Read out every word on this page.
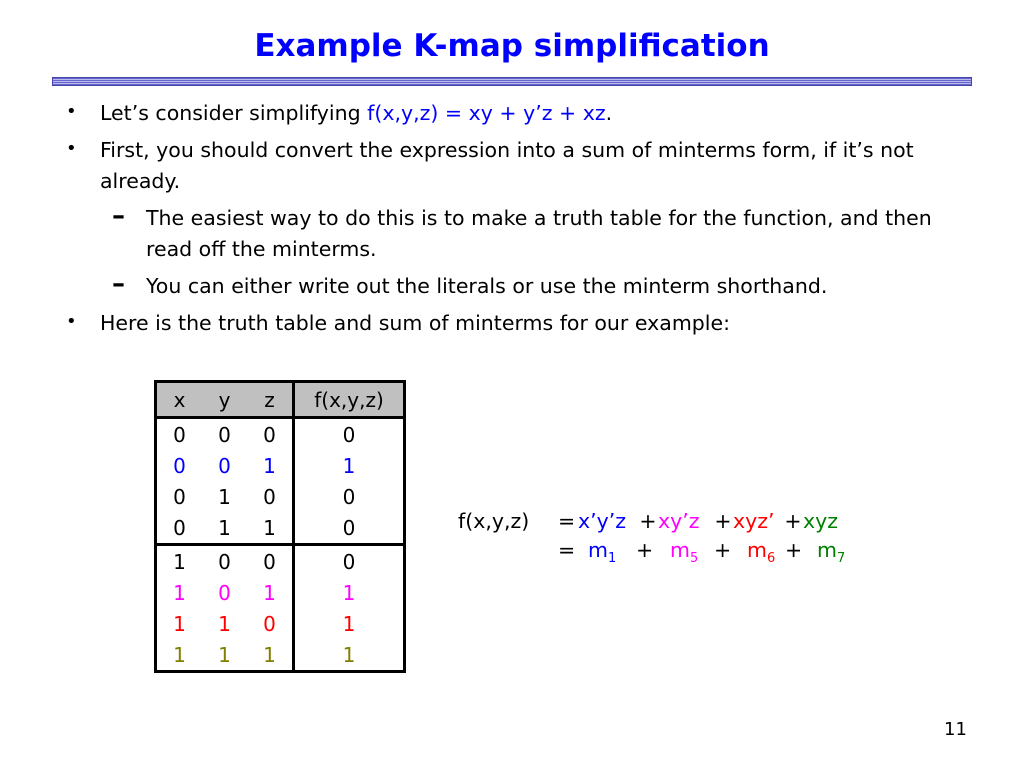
Example K-map simplification
• Let’s consider simplifying f(x,y,z) = xy + y’z + xz.
• First, you should convert the expression into a sum of minterms form, if it’s not already.
– The easiest way to do this is to make a truth table for the function, and then read off the minterms.
– You can either write out the literals or use the minterm shorthand.
• Here is the truth table and sum of minterms for our example:
x	y	z	f(x,y,z)
0	0	0	0
0	0	1	1
0	1	0	0
0	1	1	0
1	0	0	0
1	0	1	1
1	1	0	1
1	1	1	1
f(x,y,z) = x’y’z +xy’z +xyz’ +xyz
= $m_1 + m_5 + m_6 + m_7$
11
